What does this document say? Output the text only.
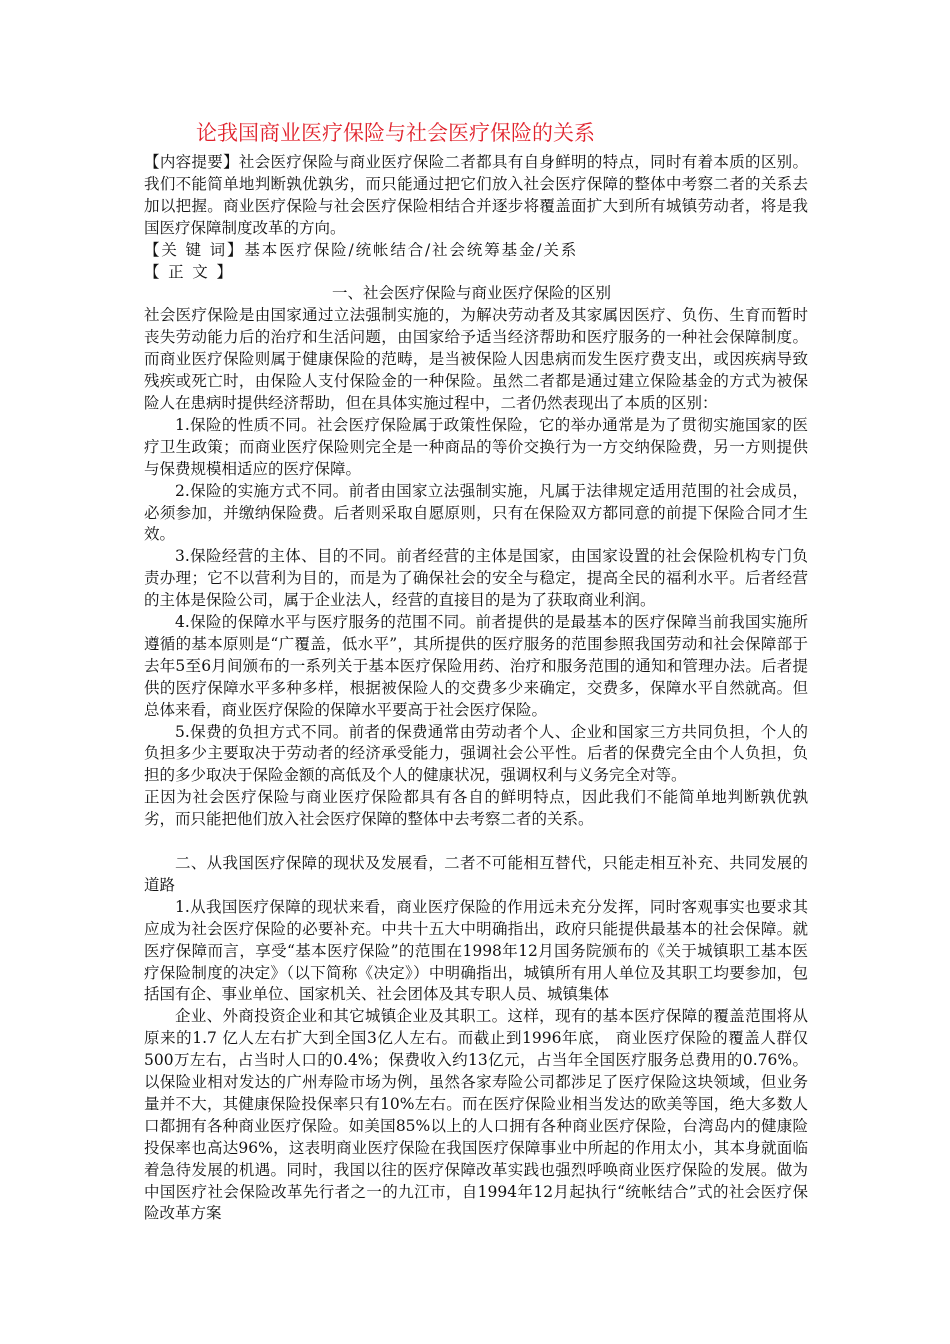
论我国商业医疗保险与社会医疗保险的关系
【内容提要】社会医疗保险与商业医疗保险二者都具有自身鲜明的特点，同时有着本质的区别。我们不能简单地判断孰优孰劣，而只能通过把它们放入社会医疗保障的整体中考察二者的关系去加以把握。商业医疗保险与社会医疗保险相结合并逐步将覆盖面扩大到所有城镇劳动者，将是我国医疗保障制度改革的方向。
【关 键 词】基本医疗保险/统帐结合/社会统筹基金/关系
【 正 文 】
一、社会医疗保险与商业医疗保险的区别
社会医疗保险是由国家通过立法强制实施的，为解决劳动者及其家属因医疗、负伤、生育而暂时丧失劳动能力后的治疗和生活问题，由国家给予适当经济帮助和医疗服务的一种社会保障制度。而商业医疗保险则属于健康保险的范畴，是当被保险人因患病而发生医疗费支出，或因疾病导致残疾或死亡时，由保险人支付保险金的一种保险。虽然二者都是通过建立保险基金的方式为被保险人在患病时提供经济帮助，但在具体实施过程中，二者仍然表现出了本质的区别：
1.保险的性质不同。社会医疗保险属于政策性保险，它的举办通常是为了贯彻实施国家的医疗卫生政策；而商业医疗保险则完全是一种商品的等价交换行为一方交纳保险费，另一方则提供与保费规模相适应的医疗保障。
2.保险的实施方式不同。前者由国家立法强制实施，凡属于法律规定适用范围的社会成员，必须参加，并缴纳保险费。后者则采取自愿原则，只有在保险双方都同意的前提下保险合同才生效。
3.保险经营的主体、目的不同。前者经营的主体是国家，由国家设置的社会保险机构专门负责办理；它不以营利为目的，而是为了确保社会的安全与稳定，提高全民的福利水平。后者经营的主体是保险公司，属于企业法人，经营的直接目的是为了获取商业利润。
4.保险的保障水平与医疗服务的范围不同。前者提供的是最基本的医疗保障当前我国实施所遵循的基本原则是“广覆盖，低水平”，其所提供的医疗服务的范围参照我国劳动和社会保障部于去年5至6月间颁布的一系列关于基本医疗保险用药、治疗和服务范围的通知和管理办法。后者提供的医疗保障水平多种多样，根据被保险人的交费多少来确定，交费多，保障水平自然就高。但总体来看，商业医疗保险的保障水平要高于社会医疗保险。
5.保费的负担方式不同。前者的保费通常由劳动者个人、企业和国家三方共同负担，个人的负担多少主要取决于劳动者的经济承受能力，强调社会公平性。后者的保费完全由个人负担，负担的多少取决于保险金额的高低及个人的健康状况，强调权利与义务完全对等。
正因为社会医疗保险与商业医疗保险都具有各自的鲜明特点，因此我们不能简单地判断孰优孰劣，而只能把他们放入社会医疗保障的整体中去考察二者的关系。
二、从我国医疗保障的现状及发展看，二者不可能相互替代，只能走相互补充、共同发展的道路
1.从我国医疗保障的现状来看，商业医疗保险的作用远未充分发挥，同时客观事实也要求其应成为社会医疗保险的必要补充。中共十五大中明确指出，政府只能提供最基本的社会保障。就医疗保障而言，享受“基本医疗保险”的范围在1998年12月国务院颁布的《关于城镇职工基本医疗保险制度的决定》（以下简称《决定》）中明确指出，城镇所有用人单位及其职工均要参加，包括国有企、事业单位、国家机关、社会团体及其专职人员、城镇集体
企业、外商投资企业和其它城镇企业及其职工。这样，现有的基本医疗保障的覆盖范围将从原来的1.7 亿人左右扩大到全国3亿人左右。而截止到1996年底， 商业医疗保险的覆盖人群仅500万左右，占当时人口的0.4%；保费收入约13亿元，占当年全国医疗服务总费用的0.76%。以保险业相对发达的广州寿险市场为例，虽然各家寿险公司都涉足了医疗保险这块领域，但业务量并不大，其健康保险投保率只有10%左右。而在医疗保险业相当发达的欧美等国，绝大多数人口都拥有各种商业医疗保险。如美国85%以上的人口拥有各种商业医疗保险，台湾岛内的健康险投保率也高达96%，这表明商业医疗保险在我国医疗保障事业中所起的作用太小，其本身就面临着急待发展的机遇。同时，我国以往的医疗保障改革实践也强烈呼唤商业医疗保险的发展。做为中国医疗社会保险改革先行者之一的九江市，自1994年12月起执行“统帐结合”式的社会医疗保险改革方案
